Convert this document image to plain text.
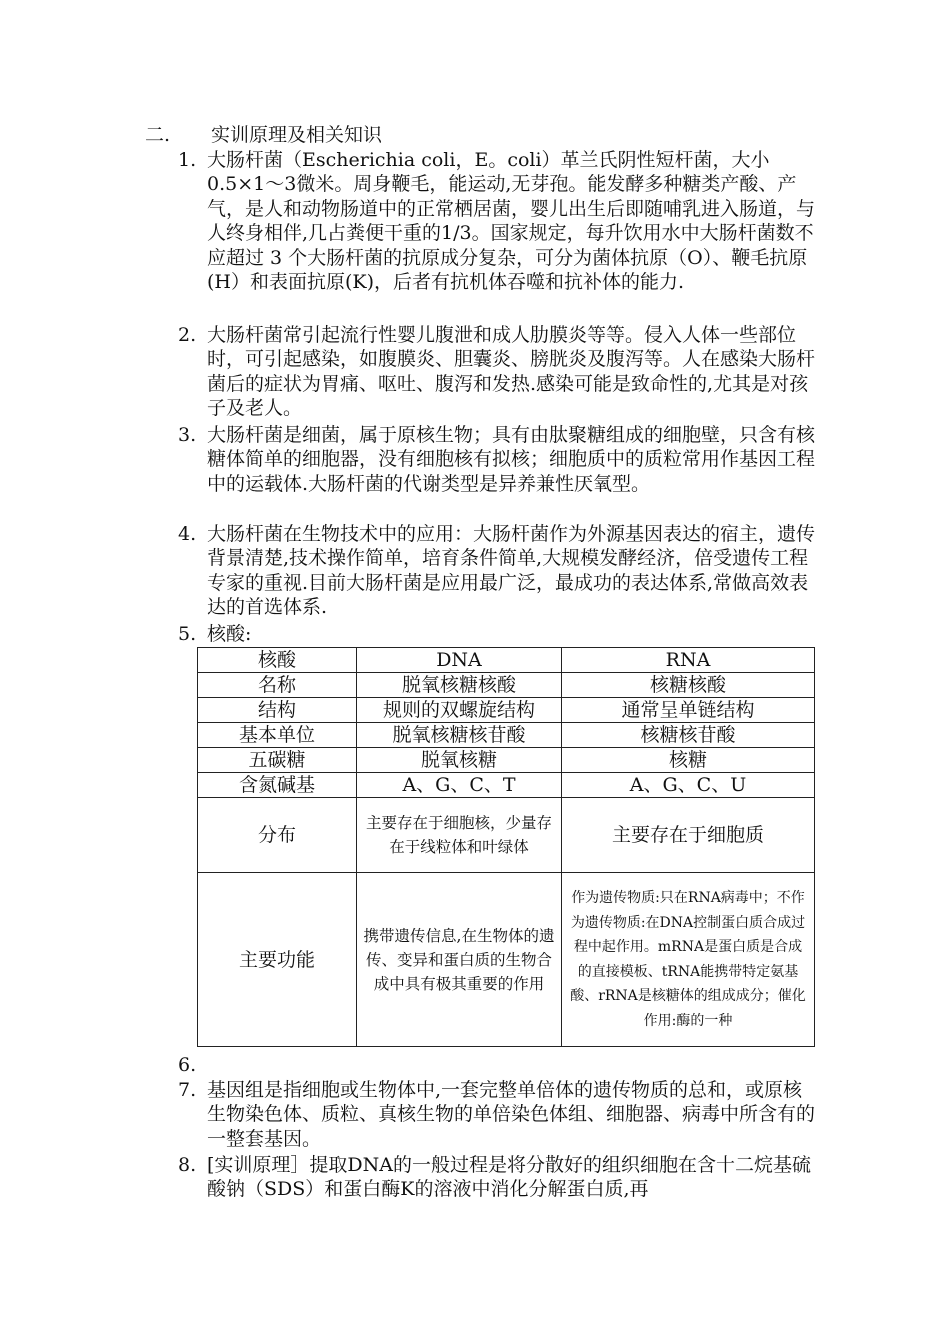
二. 实训原理及相关知识
1. 大肠杆菌（Escherichia coli，E。coli）革兰氏阴性短杆菌，大小0.5×1～3微米。周身鞭毛，能运动,无芽孢。能发酵多种糖类产酸、产气，是人和动物肠道中的正常栖居菌，婴儿出生后即随哺乳进入肠道，与人终身相伴,几占粪便干重的1/3。国家规定，每升饮用水中大肠杆菌数不应超过 3 个大肠杆菌的抗原成分复杂，可分为菌体抗原（O）、鞭毛抗原(H）和表面抗原(K)，后者有抗机体吞噬和抗补体的能力.
2. 大肠杆菌常引起流行性婴儿腹泄和成人肋膜炎等等。侵入人体一些部位时，可引起感染，如腹膜炎、胆囊炎、膀胱炎及腹泻等。人在感染大肠杆菌后的症状为胃痛、呕吐、腹泻和发热.感染可能是致命性的,尤其是对孩子及老人。
3. 大肠杆菌是细菌，属于原核生物；具有由肽聚糖组成的细胞壁，只含有核糖体简单的细胞器，没有细胞核有拟核；细胞质中的质粒常用作基因工程中的运载体.大肠杆菌的代谢类型是异养兼性厌氧型。
4. 大肠杆菌在生物技术中的应用：大肠杆菌作为外源基因表达的宿主，遗传背景清楚,技术操作简单，培育条件简单,大规模发酵经济，倍受遗传工程专家的重视.目前大肠杆菌是应用最广泛，最成功的表达体系,常做高效表达的首选体系.
5. 核酸:
核酸	DNA	RNA
名称	脱氧核糖核酸	核糖核酸
结构	规则的双螺旋结构	通常呈单链结构
基本单位	脱氧核糖核苷酸	核糖核苷酸
五碳糖	脱氧核糖	核糖
含氮碱基	A、G、C、T	A、G、C、U
分布	主要存在于细胞核，少量存在于线粒体和叶绿体	主要存在于细胞质
主要功能	携带遗传信息,在生物体的遗传、变异和蛋白质的生物合成中具有极其重要的作用	作为遗传物质:只在RNA病毒中；不作为遗传物质:在DNA控制蛋白质合成过程中起作用。mRNA是蛋白质是合成的直接模板、tRNA能携带特定氨基酸、rRNA是核糖体的组成成分；催化作用:酶的一种
6.
7. 基因组是指细胞或生物体中,一套完整单倍体的遗传物质的总和，或原核生物染色体、质粒、真核生物的单倍染色体组、细胞器、病毒中所含有的一整套基因。
8. [实训原理］提取DNA的一般过程是将分散好的组织细胞在含十二烷基硫酸钠（SDS）和蛋白酶K的溶液中消化分解蛋白质,再
